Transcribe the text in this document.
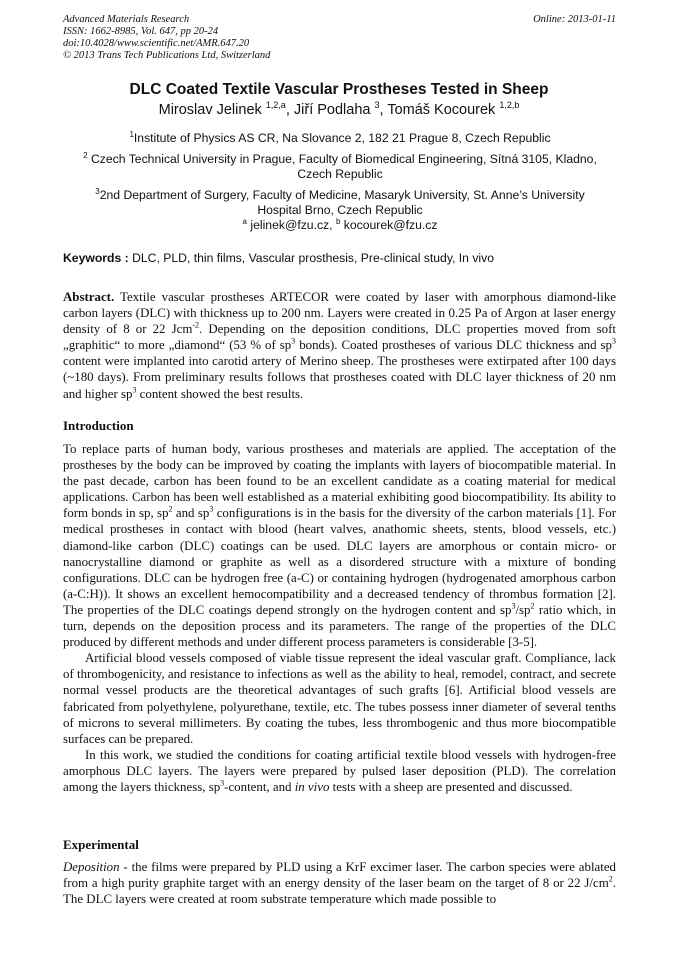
Advanced Materials Research
ISSN: 1662-8985, Vol. 647, pp 20-24
doi:10.4028/www.scientific.net/AMR.647.20
© 2013 Trans Tech Publications Ltd, Switzerland
Online: 2013-01-11
DLC Coated Textile Vascular Prostheses Tested in Sheep
Miroslav Jelinek $^{1,2,a}$, Jiří Podlaha $^3$, Tomáš Kocourek $^{1,2,b}$
$^1$Institute of Physics AS CR, Na Slovance 2, 182 21 Prague 8, Czech Republic
$^2$ Czech Technical University in Prague, Faculty of Biomedical Engineering, Sítná 3105, Kladno,
Czech Republic
$^3$2nd Department of Surgery, Faculty of Medicine, Masaryk University, St. Anne’s University
Hospital Brno, Czech Republic
$^a$ jelinek@fzu.cz, $^b$ kocourek@fzu.cz
Keywords : DLC, PLD, thin films, Vascular prosthesis, Pre-clinical study, In vivo

Abstract. Textile vascular prostheses ARTECOR were coated by laser with amorphous diamond-like carbon layers (DLC) with thickness up to 200 nm. Layers were created in 0.25 Pa of Argon at laser energy density of 8 or 22 Jcm$^{-2}$. Depending on the deposition conditions, DLC properties moved from soft „graphitic“ to more „diamond“ (53 % of $sp^3$ bonds). Coated prostheses of various DLC thickness and $sp^3$ content were implanted into carotid artery of Merino sheep. The prostheses were extirpated after 100 days (~180 days). From preliminary results follows that prostheses coated with DLC layer thickness of 20 nm and higher $sp^3$ content showed the best results.

Introduction

To replace parts of human body, various prostheses and materials are applied. The acceptation of the prostheses by the body can be improved by coating the implants with layers of biocompatible material. In the past decade, carbon has been found to be an excellent candidate as a coating material for medical applications. Carbon has been well established as a material exhibiting good biocompatibility. Its ability to form bonds in sp, $sp^2$ and $sp^3$ configurations is in the basis for the diversity of the carbon materials [1]. For medical prostheses in contact with blood (heart valves, anathomic sheets, stents, blood vessels, etc.) diamond-like carbon (DLC) coatings can be used. DLC layers are amorphous or contain micro- or nanocrystalline diamond or graphite as well as a disordered structure with a mixture of bonding configurations. DLC can be hydrogen free (a-C) or containing hydrogen (hydrogenated amorphous carbon (a-C:H)). It shows an excellent hemocompatibility and a decreased tendency of thrombus formation [2]. The properties of the DLC coatings depend strongly on the hydrogen content and $sp^3/sp^2$ ratio which, in turn, depends on the deposition process and its parameters. The range of the properties of the DLC produced by different methods and under different process parameters is considerable [3-5].

Artificial blood vessels composed of viable tissue represent the ideal vascular graft. Compliance, lack of thrombogenicity, and resistance to infections as well as the ability to heal, remodel, contract, and secrete normal vessel products are the theoretical advantages of such grafts [6]. Artificial blood vessels are fabricated from polyethylene, polyurethane, textile, etc. The tubes possess inner diameter of several tenths of microns to several millimeters. By coating the tubes, less thrombogenic and thus more biocompatible surfaces can be prepared.

In this work, we studied the conditions for coating artificial textile blood vessels with hydrogen-free amorphous DLC layers. The layers were prepared by pulsed laser deposition (PLD). The correlation among the layers thickness, $sp^3$-content, and in vivo tests with a sheep are presented and discussed.

Experimental

Deposition - the films were prepared by PLD using a KrF excimer laser. The carbon species were ablated from a high purity graphite target with an energy density of the laser beam on the target of 8 or 22 $J/cm^2$. The DLC layers were created at room substrate temperature which made possible to
